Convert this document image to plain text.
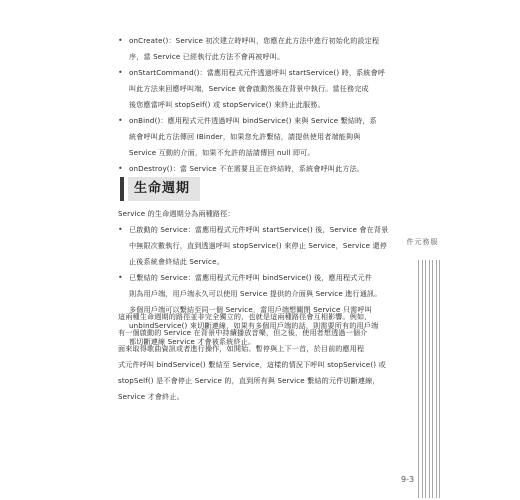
• onCreate()：Service 初次建立時呼叫，您應在此方法中進行初始化的設定程
序，當 Service 已經執行此方法不會再被呼叫。
• onStartCommand()：當應用程式元件透過呼叫 startService() 時，系統會呼
叫此方法來回應呼叫端，Service 就會啟動然後在背景中執行。當任務完成
後您應當呼叫 stopSelf() 或 stopService() 來終止此服務。
• onBind()：應用程式元件透過呼叫 bindService() 來與 Service 繫結時，系
統會呼叫此方法傳回 IBinder，如果您允許繫結，請提供使用者端能夠與
Service 互動的介面，如果不允許的話請傳回 null 即可。
• onDestroy()：當 Service 不在需要且正在終結時，系統會呼叫此方法。
生命週期
Service 的生命週期分為兩種路徑：
• 已啟動的 Service：當應用程式元件呼叫 startService() 後，Service 會在背景
中無限次數執行，直到透過呼叫 stopService() 來停止 Service，Service 還停
止後系統會終結此 Service。
• 已繫結的 Service：當應用程式元件呼叫 bindService() 後，應用程式元件
則為用戶端，用戶端永久可以使用 Service 提供的介面與 Service 進行通訊。
多個用戶端可以繫結至同一個 Service，當用戶端想關閉 Service 只需呼叫
unbindService() 來切斷連線，如果有多個用戶端的話，則需要所有的用戶端
都切斷連線 Service 才會被系統終止。
這兩種生命週期的路徑並非完全獨立的，也就是這兩種路徑會互相影響。例如，
有一個啟動的 Service 在背景中持續播放音樂，但之後，使用者想透過一個介
面來取得歌曲資訊或者進行操作，如開始、暫停與上下一首，於目前的應用程
式元件呼叫 bindService() 繫結至 Service，這樣的情況下呼叫 stopService() 或
stopSelf() 是不會停止 Service 的，直到所有與 Service 繫結的元件切斷連線，
Service 才會終止。
服務元件
9-3
